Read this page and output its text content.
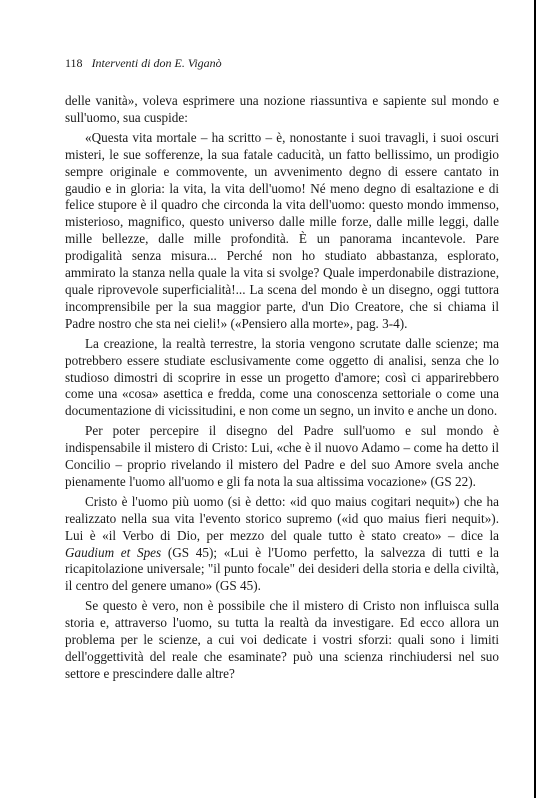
118 Interventi di don E. Viganò

delle vanità», voleva esprimere una nozione riassuntiva e sapiente sul mondo e sull'uomo, sua cuspide:

«Questa vita mortale – ha scritto – è, nonostante i suoi travagli, i suoi oscuri misteri, le sue sofferenze, la sua fatale caducità, un fatto bellissimo, un prodigio sempre originale e commovente, un avvenimento degno di essere cantato in gaudio e in gloria: la vita, la vita dell'uomo! Né meno degno di esaltazione e di felice stupore è il quadro che circonda la vita dell'uomo: questo mondo immenso, misterioso, magnifico, questo universo dalle mille forze, dalle mille leggi, dalle mille bellezze, dalle mille profondità. È un panorama incantevole. Pare prodigalità senza misura... Perché non ho studiato abbastanza, esplorato, ammirato la stanza nella quale la vita si svolge? Quale imperdonabile distrazione, quale riprovevole superficialità!... La scena del mondo è un disegno, oggi tuttora incomprensibile per la sua maggior parte, d'un Dio Creatore, che si chiama il Padre nostro che sta nei cieli!» («Pensiero alla morte», pag. 3-4).

La creazione, la realtà terrestre, la storia vengono scrutate dalle scienze; ma potrebbero essere studiate esclusivamente come oggetto di analisi, senza che lo studioso dimostri di scoprire in esse un progetto d'amore; così ci apparirebbero come una «cosa» asettica e fredda, come una conoscenza settoriale o come una documentazione di vicissitudini, e non come un segno, un invito e anche un dono.

Per poter percepire il disegno del Padre sull'uomo e sul mondo è indispensabile il mistero di Cristo: Lui, «che è il nuovo Adamo – come ha detto il Concilio – proprio rivelando il mistero del Padre e del suo Amore svela anche pienamente l'uomo all'uomo e gli fa nota la sua altissima vocazione» (GS 22).

Cristo è l'uomo più uomo (si è detto: «id quo maius cogitari nequit») che ha realizzato nella sua vita l'evento storico supremo («id quo maius fieri nequit»). Lui è «il Verbo di Dio, per mezzo del quale tutto è stato creato» – dice la Gaudium et Spes (GS 45); «Lui è l'Uomo perfetto, la salvezza di tutti e la ricapitolazione universale; "il punto focale" dei desideri della storia e della civiltà, il centro del genere umano» (GS 45).

Se questo è vero, non è possibile che il mistero di Cristo non influisca sulla storia e, attraverso l'uomo, su tutta la realtà da investigare. Ed ecco allora un problema per le scienze, a cui voi dedicate i vostri sforzi: quali sono i limiti dell'oggettività del reale che esaminate? può una scienza rinchiudersi nel suo settore e prescindere dalle altre?
